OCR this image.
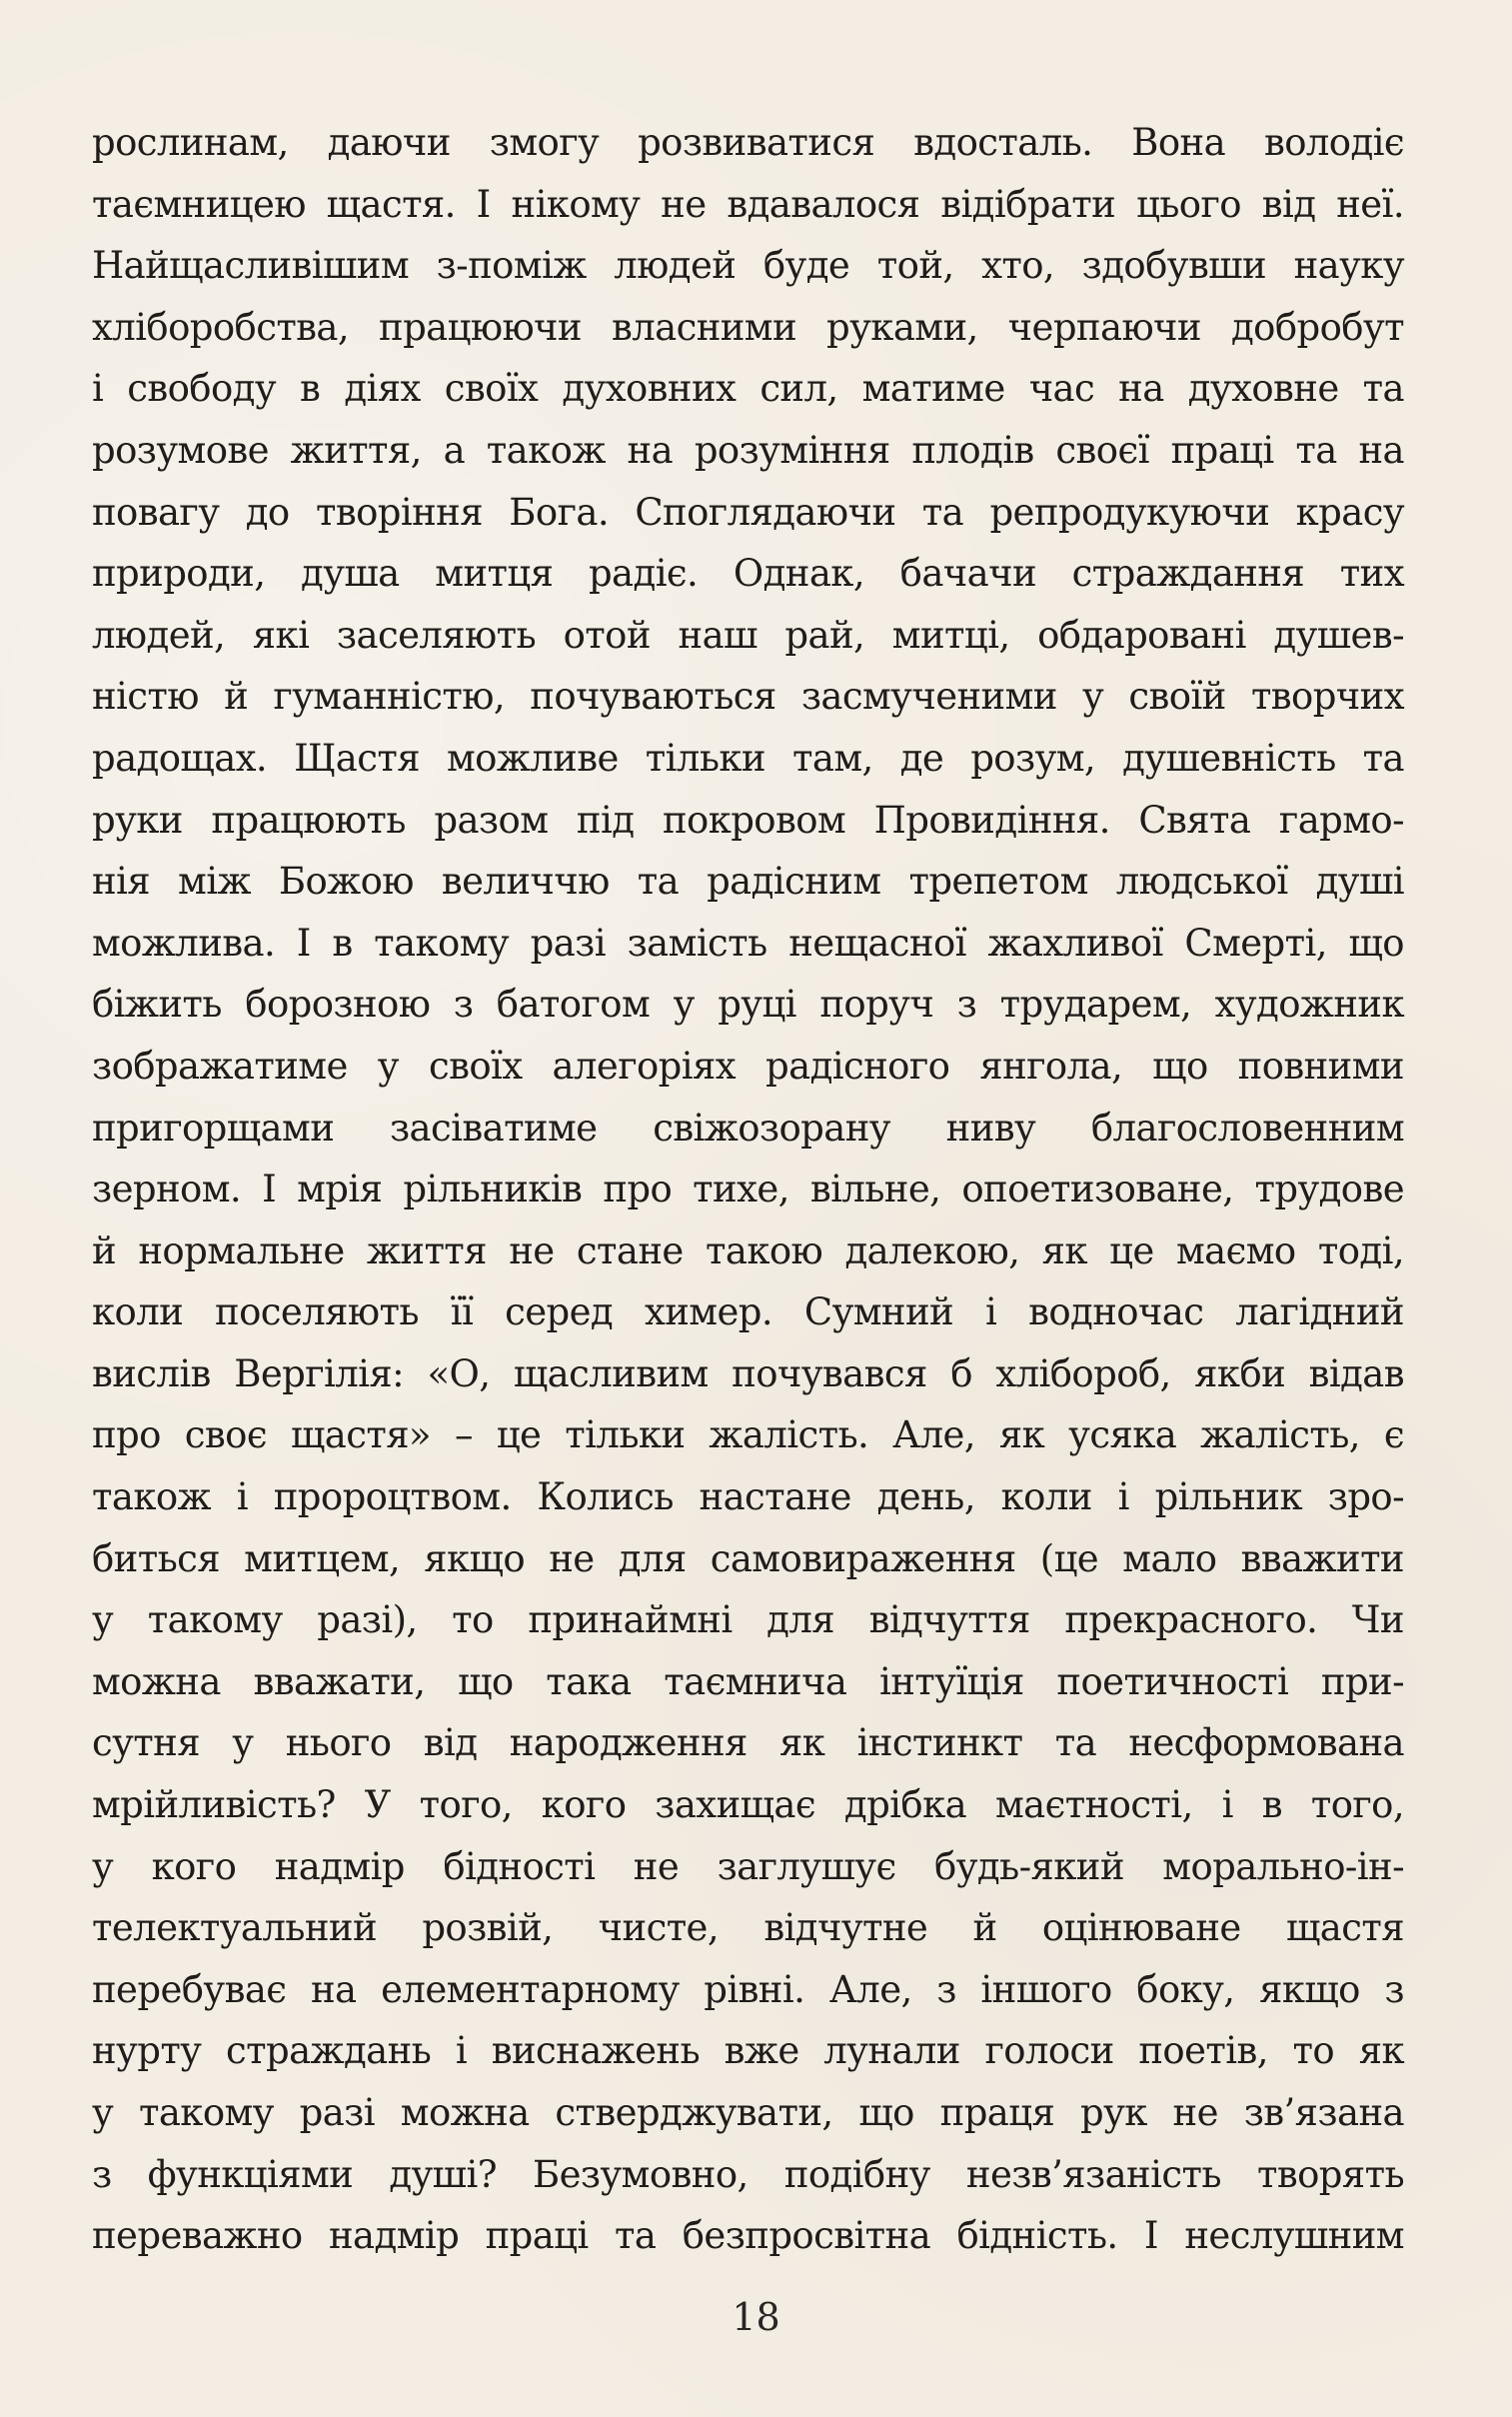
рослинам, даючи змогу розвиватися вдосталь. Вона володіє
таємницею щастя. І нікому не вдавалося відібрати цього від неї.
Найщасливішим з-поміж людей буде той, хто, здобувши науку
хліборобства, працюючи власними руками, черпаючи добробут
і свободу в діях своїх духовних сил, матиме час на духовне та
розумове життя, а також на розуміння плодів своєї праці та на
повагу до творіння Бога. Споглядаючи та репродукуючи красу
природи, душа митця радіє. Однак, бачачи страждання тих
людей, які заселяють отой наш рай, митці, обдаровані душев-
ністю й гуманністю, почуваються засмученими у своїй творчих
радощах. Щастя можливе тільки там, де розум, душевність та
руки працюють разом під покровом Провидіння. Свята гармо-
нія між Божою величчю та радісним трепетом людської душі
можлива. І в такому разі замість нещасної жахливої Смерті, що
біжить борозною з батогом у руці поруч з трударем, художник
зображатиме у своїх алегоріях радісного янгола, що повними
пригорщами засіватиме свіжозорану ниву благословенним
зерном. І мрія рільників про тихе, вільне, опоетизоване, трудове
й нормальне життя не стане такою далекою, як це маємо тоді,
коли поселяють її серед химер. Сумний і водночас лагідний
вислів Вергілія: «О, щасливим почувався б хлібороб, якби відав
про своє щастя» – це тільки жалість. Але, як усяка жалість, є
також і пророцтвом. Колись настане день, коли і рільник зро-
биться митцем, якщо не для самовираження (це мало вважити
у такому разі), то принаймні для відчуття прекрасного. Чи
можна вважати, що така таємнича інтуїція поетичності при-
сутня у нього від народження як інстинкт та несформована
мрійливість? У того, кого захищає дрібка маєтності, і в того,
у кого надмір бідності не заглушує будь-який морально-ін-
телектуальний розвій, чисте, відчутне й оцінюване щастя
перебуває на елементарному рівні. Але, з іншого боку, якщо з
нурту страждань і виснажень вже лунали голоси поетів, то як
у такому разі можна стверджувати, що праця рук не зв’язана
з функціями душі? Безумовно, подібну незв’язаність творять
переважно надмір праці та безпросвітна бідність. І неслушним
18
